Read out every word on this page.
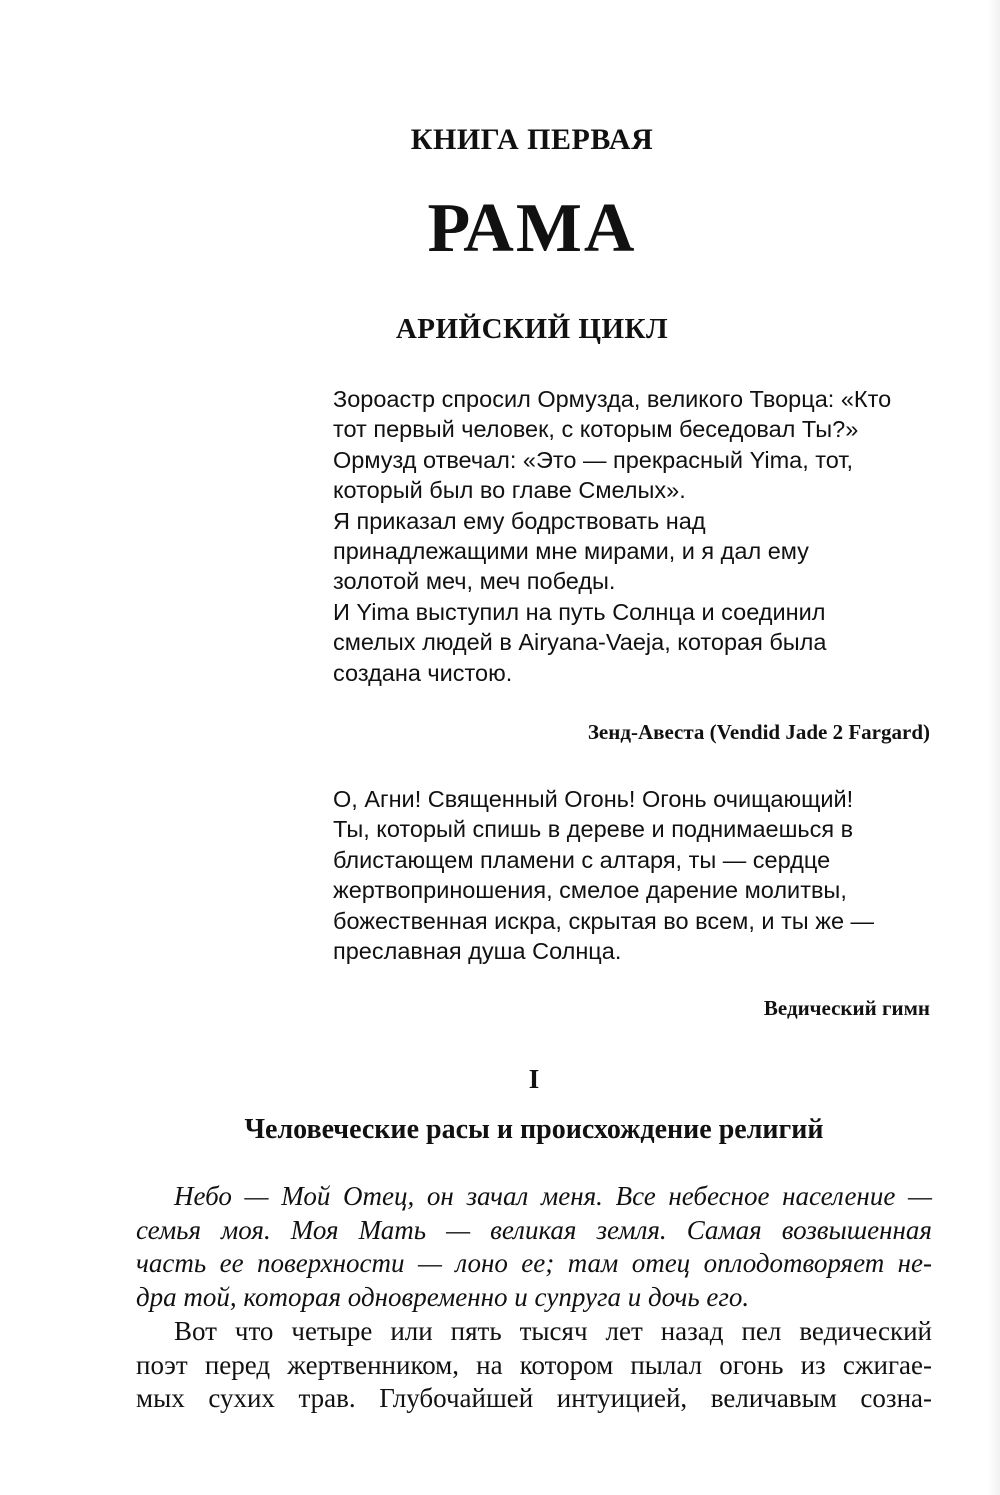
КНИГА ПЕРВАЯ
РАМА
АРИЙСКИЙ ЦИКЛ
Зороастр спросил Ормузда, великого Творца: «Кто
тот первый человек, с которым беседовал Ты?»
Ормузд отвечал: «Это — прекрасный Yima, тот,
который был во главе Смелых».
Я приказал ему бодрствовать над
принадлежащими мне мирами, и я дал ему
золотой меч, меч победы.
И Yima выступил на путь Солнца и соединил
смелых людей в Airyana-Vaeja, которая была
создана чистою.

Зенд-Авеста (Vendid Jade 2 Fargard)

О, Агни! Священный Огонь! Огонь очищающий!
Ты, который спишь в дереве и поднимаешься в
блистающем пламени с алтаря, ты — сердце
жертвоприношения, смелое дарение молитвы,
божественная искра, скрытая во всем, и ты же —
преславная душа Солнца.

Ведический гимн

I
Человеческие расы и происхождение религий
Небо — Мой Отец, он зачал меня. Все небесное население —
семья моя. Моя Мать — великая земля. Самая возвышенная
часть ее поверхности — лоно ее; там отец оплодотворяет не-
дра той, которая одновременно и супруга и дочь его.
Вот что четыре или пять тысяч лет назад пел ведический
поэт перед жертвенником, на котором пылал огонь из сжигае-
мых сухих трав. Глубочайшей интуицией, величавым созна-
